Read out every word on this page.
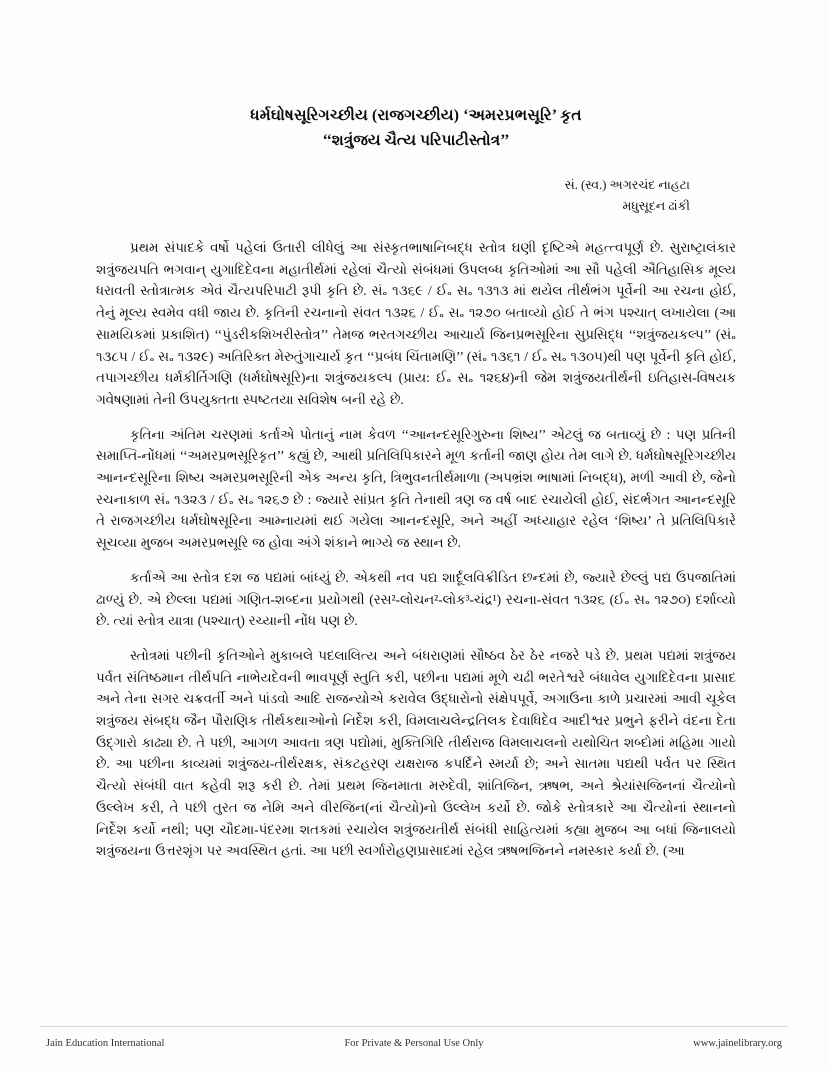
ધર્મઘોષસૂરિગચ્છીય (રાજગચ્છીય) ‘અમરપ્રભસૂરિ’ કૃત
‘‘શત્રુંજય ચૈત્ય પરિપાટીસ્તોત્ર’’
સં. (સ્વ.) અગરચંદ નાહટા
મધુસૂદન ઢાંકી

પ્રથમ સંપાદકે વર્ષો પહેલાં ઉતારી લીધેલું આ સંસ્કૃતભાષાનિબદ્ધ સ્તોત્ર ઘણી દૃષ્ટિએ મહત્ત્વપૂર્ણ છે. સુરાષ્ટ્રાલંકાર શત્રુંજયપતિ ભગવાન્ યુગાદિદેવના મહાતીર્થમાં રહેલાં ચૈત્યો સંબંધમાં ઉપલબ્ધ કૃતિઓમાં આ સૌ પહેલી ઐતિહાસિક મૂલ્ય ધરાવતી સ્તોત્રાત્મક એવં ચૈત્યપરિપાટી રૂપી કૃતિ છે. સં૰ ૧૩૬૯ / ઈ૰ સ૰ ૧૩૧૩ માં થયેલ તીર્થભંગ પૂર્વેની આ રચના હોઈ, તેનું મૂલ્ય સ્વમેવ વધી જાય છે. કૃતિની રચનાનો સંવત ૧૩૨૬ / ઈ૰ સ૰ ૧૨૭૦ બતાવ્યો હોઈ તે ભંગ પશ્ચાત્ લખાયેલા (આ સામયિકમાં પ્રકાશિત) ‘‘પુંડરીકશિખરીસ્તોત્ર’’ તેમજ ભરતગચ્છીય આચાર્ય જિનપ્રભસૂરિના સુપ્રસિદ્ધ ‘‘શત્રુંજયકલ્પ’’ (સં૰ ૧૩૮૫ / ઈ૰ સ૰ ૧૩૨૯) અતિરિક્ત મેરુતુંગાચાર્ય કૃત ‘‘પ્રબંધ ચિંતામણિ’’ (સં૰ ૧૩૬૧ / ઈ૰ સ૰ ૧૩૦૫)થી પણ પૂર્વેની કૃતિ હોઈ, તપાગચ્છીય ધર્મકીર્તિગણિ (ધર્મઘોષસૂરિ)ના શત્રુંજયકલ્પ (પ્રાય: ઈ૰ સ૰ ૧૨૬૪)ની જેમ શત્રુંજયતીર્થની ઇતિહાસ-વિષયક ગવેષણામાં તેની ઉપયુક્તતા સ્પષ્ટતયા સવિશેષ બની રહે છે.

કૃતિના અંતિમ ચરણમાં કર્તાએ પોતાનું નામ કેવળ ‘‘આનન્દસૂરિગુરુના શિષ્ય’’ એટલું જ બતાવ્યું છે : પણ પ્રતિની સમાપ્તિ-નોંધમાં ‘‘અમરપ્રભસૂરિકૃત’’ કહ્યું છે, આથી પ્રતિલિપિકારને મૂળ કર્તાની જાણ હોય તેમ લાગે છે. ધર્મઘોષસૂરિગચ્છીય આનન્દસૂરિના શિષ્ય અમરપ્રભસૂરિની એક અન્ય કૃતિ, ત્રિભુવનતીર્થમાળા (અપભ્રંશ ભાષામાં નિબદ્ધ), મળી આવી છે, જેનો રચનાકાળ સં૰ ૧૩૨૩ / ઈ૰ સ૰ ૧૨૬૭ છે : જ્યારે સાંપ્રત કૃતિ તેનાથી ત્રણ જ વર્ષ બાદ રચાયેલી હોઈ, સંદર્ભગત આનન્દસૂરિ તે રાજગચ્છીય ધર્મઘોષસૂરિના આમ્નાયમાં થઈ ગયેલા આનન્દસૂરિ, અને અહીં અધ્યાહાર રહેલ ‘શિષ્ય’ તે પ્રતિલિપિકારે સૂચવ્યા મુજબ અમરપ્રભસૂરિ જ હોવા અંગે શંકાને ભાગ્યે જ સ્થાન છે.

કર્તાએ આ સ્તોત્ર દશ જ પદ્યમાં બાંધ્યું છે. એકથી નવ પદ્ય શાર્દૂલવિક્રીડિત છન્દમાં છે, જ્યારે છેલ્લું પદ્ય ઉપજાતિમાં ઢાળ્યું છે. એ છેલ્લા પદ્યમાં ગણિત-શબ્દના પ્રયોગથી (રસ²-લોચન²-લોક³-ચંદ્ર¹) રચના-સંવત ૧૩૨૬ (ઈ૰ સ૰ ૧૨૭૦) દર્શાવ્યો છે. ત્યાં સ્તોત્ર યાત્રા (પશ્ચાત્) રચ્યાની નોંધ પણ છે.

સ્તોત્રમાં પછીની કૃતિઓને મુકાબલે પદલાલિત્ય અને બંધરાણમાં સૌષ્ઠવ ઠેર ઠેર નજરે પડે છે. પ્રથમ પદ્યમાં શત્રુંજય પર્વત સંતિષ્ઠમાન તીર્થપતિ નાભેયદેવની ભાવપૂર્ણ સ્તુતિ કરી, પછીના પદ્યમાં મૂળે ચઢી ભરતેશ્વરે બંધાવેલ યુગાદિદેવના પ્રાસાદ અને તેના સગર ચક્રવર્તી અને પાંડવો આદિ રાજન્યોએ કરાવેલ ઉદ્ધારોનો સંક્ષેપપૂર્વે, અગાઉના કાળે પ્રચારમાં આવી ચૂકેલ શત્રુંજય સંબદ્ધ જૈન પૌરાણિક તીર્થકથાઓનો નિર્દેશ કરી, વિમલાચલેન્દ્રતિલક દેવાધિદેવ આદીશ્વર પ્રભુને ફરીને વંદના દેતા ઉદ્ગારો કાઢ્યા છે. તે પછી, આગળ આવતા ત્રણ પદ્યોમાં, મુક્તિગિરિ તીર્થરાજ વિમલાચલનો યથોચિત શબ્દોમાં મહિમા ગાયો છે. આ પછીના કાવ્યમાં શત્રુંજય-તીર્થરક્ષક, સંકટહરણ યક્ષરાજ કપર્દિને સ્મર્યા છે; અને સાતમા પદ્યથી પર્વત પર સ્થિત ચૈત્યો સંબંધી વાત કહેવી શરૂ કરી છે. તેમાં પ્રથમ જિનમાતા મરુદેવી, શાંતિજિન, ઋષભ, અને શ્રેયાંસજિનનાં ચૈત્યોનો ઉલ્લેખ કરી, તે પછી તુરત જ નેમિ અને વીરજિન(નાં ચૈત્યો)નો ઉલ્લેખ કર્યો છે. જોકે સ્તોત્રકારે આ ચૈત્યોનાં સ્થાનનો નિર્દેશ કર્યો નથી; પણ ચૌદમા-પંદરમા શતકમાં રચાયેલ શત્રુંજયતીર્થ સંબંધી સાહિત્યમાં કહ્યા મુજબ આ બધાં જિનાલયો શત્રુંજયના ઉત્તરશૃંગ પર અવસ્થિત હતાં. આ પછી સ્વર્ગારોહણપ્રાસાદમાં રહેલ ઋષભજિનને નમસ્કાર કર્યા છે. (આ

Jain Education International	For Private & Personal Use Only	www.jainelibrary.org
